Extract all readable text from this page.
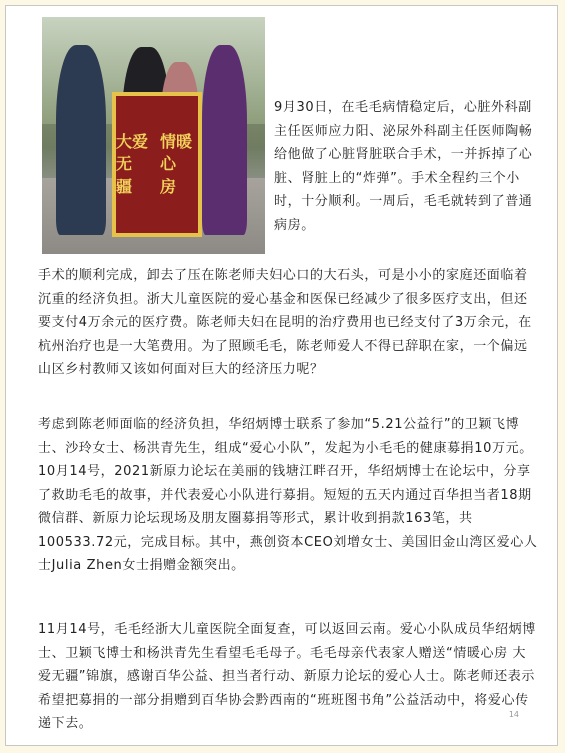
情暖心
房
大爱无
疆

9月30日，在毛毛病情稳定后，心脏外科副主任医师应力阳、泌尿外科副主任医师陶畅给他做了心脏肾脏联合手术，一并拆掉了心脏、肾脏上的“炸弹”。手术全程约三个小时，十分顺利。一周后，毛毛就转到了普通病房。

手术的顺利完成，卸去了压在陈老师夫妇心口的大石头，可是小小的家庭还面临着沉重的经济负担。浙大儿童医院的爱心基金和医保已经减少了很多医疗支出，但还要支付4万余元的医疗费。陈老师夫妇在昆明的治疗费用也已经支付了3万余元，在杭州治疗也是一大笔费用。为了照顾毛毛，陈老师爱人不得已辞职在家，一个偏远山区乡村教师又该如何面对巨大的经济压力呢？

考虑到陈老师面临的经济负担，华绍炳博士联系了参加“5.21公益行”的卫颖飞博士、沙玲女士、杨洪青先生，组成“爱心小队”，发起为小毛毛的健康募捐10万元。10月14号，2021新原力论坛在美丽的钱塘江畔召开，华绍炳博士在论坛中，分享了救助毛毛的故事，并代表爱心小队进行募捐。短短的五天内通过百华担当者18期微信群、新原力论坛现场及朋友圈募捐等形式，累计收到捐款163笔，共100533.72元，完成目标。其中，燕创资本CEO刘增女士、美国旧金山湾区爱心人士Julia Zhen女士捐赠金额突出。

11月14号，毛毛经浙大儿童医院全面复查，可以返回云南。爱心小队成员华绍炳博士、卫颖飞博士和杨洪青先生看望毛毛母子。毛毛母亲代表家人赠送“情暖心房 大爱无疆”锦旗，感谢百华公益、担当者行动、新原力论坛的爱心人士。陈老师还表示希望把募捐的一部分捐赠到百华协会黔西南的“班班图书角”公益活动中，将爱心传递下去。

14
